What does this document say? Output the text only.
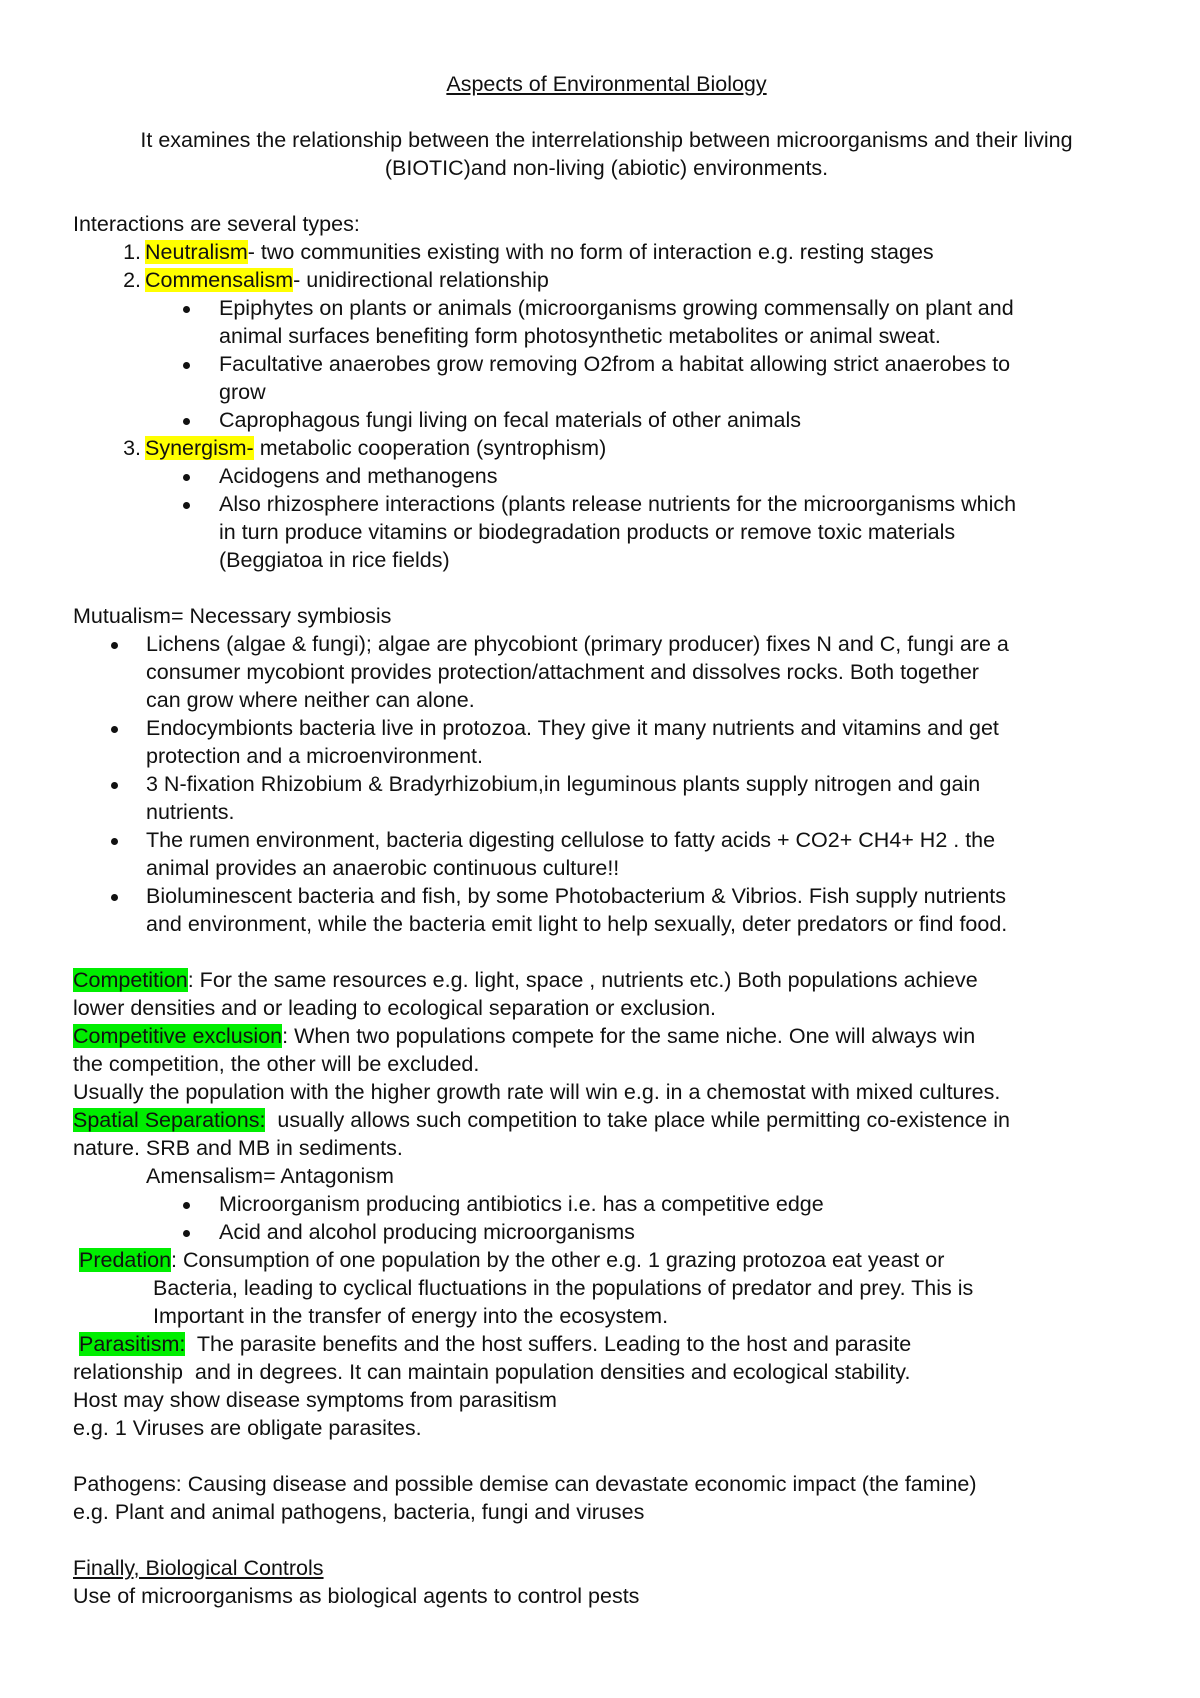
Aspects of Environmental Biology

It examines the relationship between the interrelationship between microorganisms and their living

(BIOTIC)and non-living (abiotic) environments.

Interactions are several types:

1. Neutralism- two communities existing with no form of interaction e.g. resting stages
2. Commensalism- unidirectional relationship
Epiphytes on plants or animals (microorganisms growing commensally on plant and
animal surfaces benefiting form photosynthetic metabolites or animal sweat.
Facultative anaerobes grow removing O2from a habitat allowing strict anaerobes to
grow
Caprophagous fungi living on fecal materials of other animals
3. Synergism- metabolic cooperation (syntrophism)
Acidogens and methanogens
Also rhizosphere interactions (plants release nutrients for the microorganisms which
in turn produce vitamins or biodegradation products or remove toxic materials
(Beggiatoa in rice fields)

Mutualism= Necessary symbiosis

Lichens (algae & fungi); algae are phycobiont (primary producer) fixes N and C, fungi are a
consumer mycobiont provides protection/attachment and dissolves rocks. Both together
can grow where neither can alone.
Endocymbionts bacteria live in protozoa. They give it many nutrients and vitamins and get
protection and a microenvironment.
3 N-fixation Rhizobium & Bradyrhizobium,in leguminous plants supply nitrogen and gain
nutrients.
The rumen environment, bacteria digesting cellulose to fatty acids + CO2+ CH4+ H2 . the
animal provides an anaerobic continuous culture!!
Bioluminescent bacteria and fish, by some Photobacterium & Vibrios. Fish supply nutrients
and environment, while the bacteria emit light to help sexually, deter predators or find food.

Competition: For the same resources e.g. light, space , nutrients etc.) Both populations achieve

lower densities and or leading to ecological separation or exclusion.

Competitive exclusion: When two populations compete for the same niche. One will always win

the competition, the other will be excluded.

Usually the population with the higher growth rate will win e.g. in a chemostat with mixed cultures.

Spatial Separations:  usually allows such competition to take place while permitting co-existence in

nature. SRB and MB in sediments.

Amensalism= Antagonism

Microorganism producing antibiotics i.e. has a competitive edge
Acid and alcohol producing microorganisms

Predation: Consumption of one population by the other e.g. 1 grazing protozoa eat yeast or

Bacteria, leading to cyclical fluctuations in the populations of predator and prey. This is

Important in the transfer of energy into the ecosystem.

Parasitism:  The parasite benefits and the host suffers. Leading to the host and parasite

relationship  and in degrees. It can maintain population densities and ecological stability.

Host may show disease symptoms from parasitism

e.g. 1 Viruses are obligate parasites.

Pathogens: Causing disease and possible demise can devastate economic impact (the famine)

e.g. Plant and animal pathogens, bacteria, fungi and viruses

Finally, Biological Controls

Use of microorganisms as biological agents to control pests
